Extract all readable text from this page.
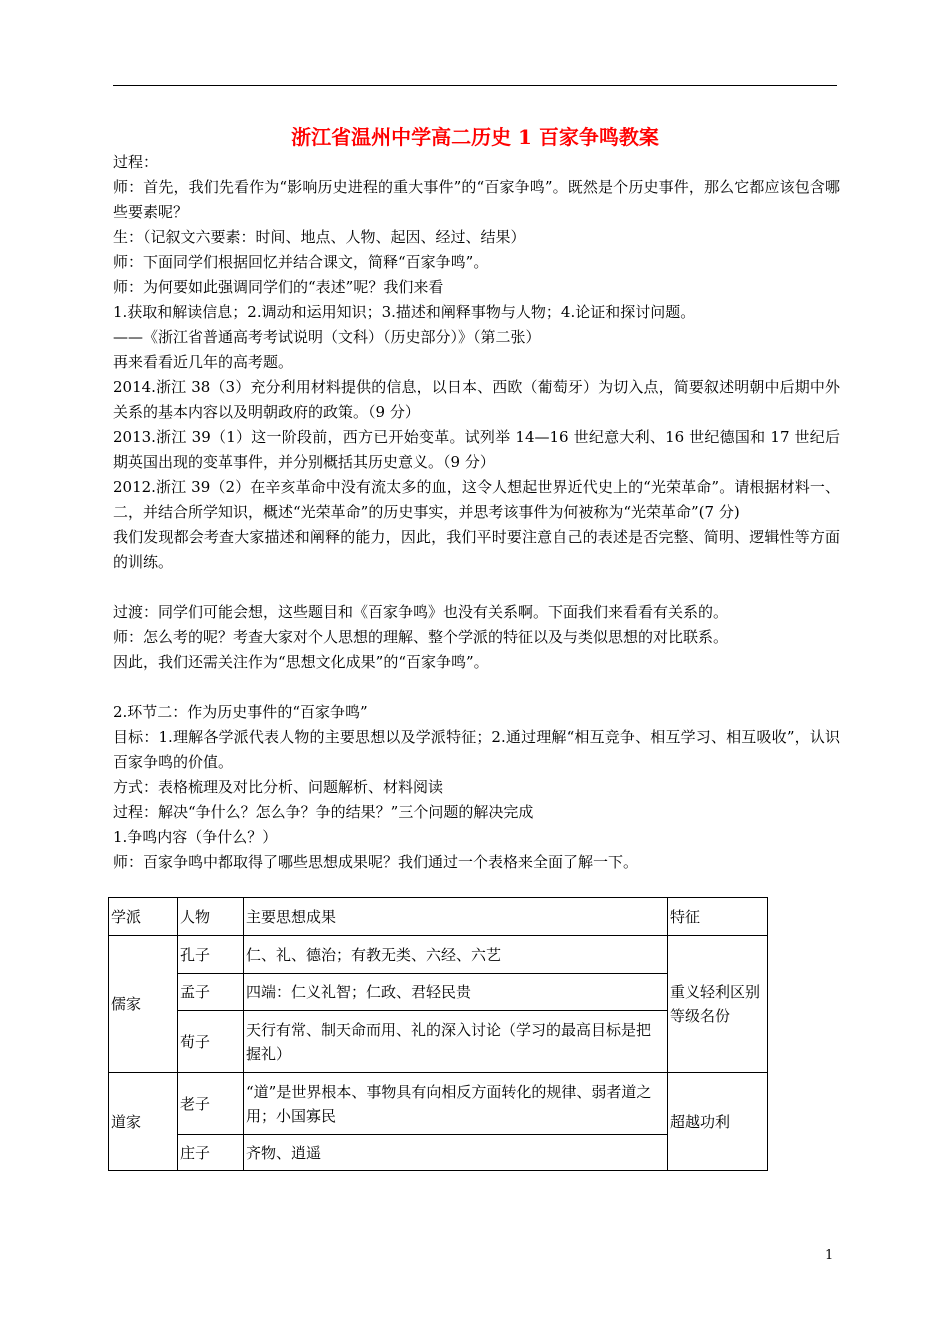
浙江省温州中学高二历史 1 百家争鸣教案

过程：

师：首先，我们先看作为“影响历史进程的重大事件”的“百家争鸣”。既然是个历史事件，那么它都应该包含哪些要素呢？

生：（记叙文六要素：时间、地点、人物、起因、经过、结果）

师：下面同学们根据回忆并结合课文，简释“百家争鸣”。

师：为何要如此强调同学们的“表述”呢？我们来看

1.获取和解读信息；2.调动和运用知识；3.描述和阐释事物与人物；4.论证和探讨问题。

——《浙江省普通高考考试说明（文科）（历史部分）》（第二张）

再来看看近几年的高考题。

2014.浙江 38（3）充分利用材料提供的信息，以日本、西欧（葡萄牙）为切入点，简要叙述明朝中后期中外关系的基本内容以及明朝政府的政策。（9 分）

2013.浙江 39（1）这一阶段前，西方已开始变革。试列举 14—16 世纪意大利、16 世纪德国和 17 世纪后期英国出现的变革事件，并分别概括其历史意义。（9 分）

2012.浙江 39（2）在辛亥革命中没有流太多的血，这令人想起世界近代史上的“光荣革命”。请根据材料一、二，并结合所学知识，概述“光荣革命”的历史事实，并思考该事件为何被称为“光荣革命”(7 分)

我们发现都会考查大家描述和阐释的能力，因此，我们平时要注意自己的表述是否完整、简明、逻辑性等方面的训练。

过渡：同学们可能会想，这些题目和《百家争鸣》也没有关系啊。下面我们来看看有关系的。

师：怎么考的呢？考查大家对个人思想的理解、整个学派的特征以及与类似思想的对比联系。

因此，我们还需关注作为“思想文化成果”的“百家争鸣”。

2.环节二：作为历史事件的“百家争鸣”

目标：1.理解各学派代表人物的主要思想以及学派特征；2.通过理解“相互竞争、相互学习、相互吸收”，认识百家争鸣的价值。

方式：表格梳理及对比分析、问题解析、材料阅读

过程：解决“争什么？怎么争？争的结果？”三个问题的解决完成

1.争鸣内容（争什么？）

师：百家争鸣中都取得了哪些思想成果呢？我们通过一个表格来全面了解一下。

学派	人物	主要思想成果	特征
儒家	孔子	仁、礼、德治；有教无类、六经、六艺	重义轻利区别等级名份
	孟子	四端：仁义礼智；仁政、君轻民贵	
	荀子	天行有常、制天命而用、礼的深入讨论（学习的最高目标是把握礼）	
道家	老子	“道”是世界根本、事物具有向相反方面转化的规律、弱者道之用；小国寡民	超越功利
	庄子	齐物、逍遥	
1
